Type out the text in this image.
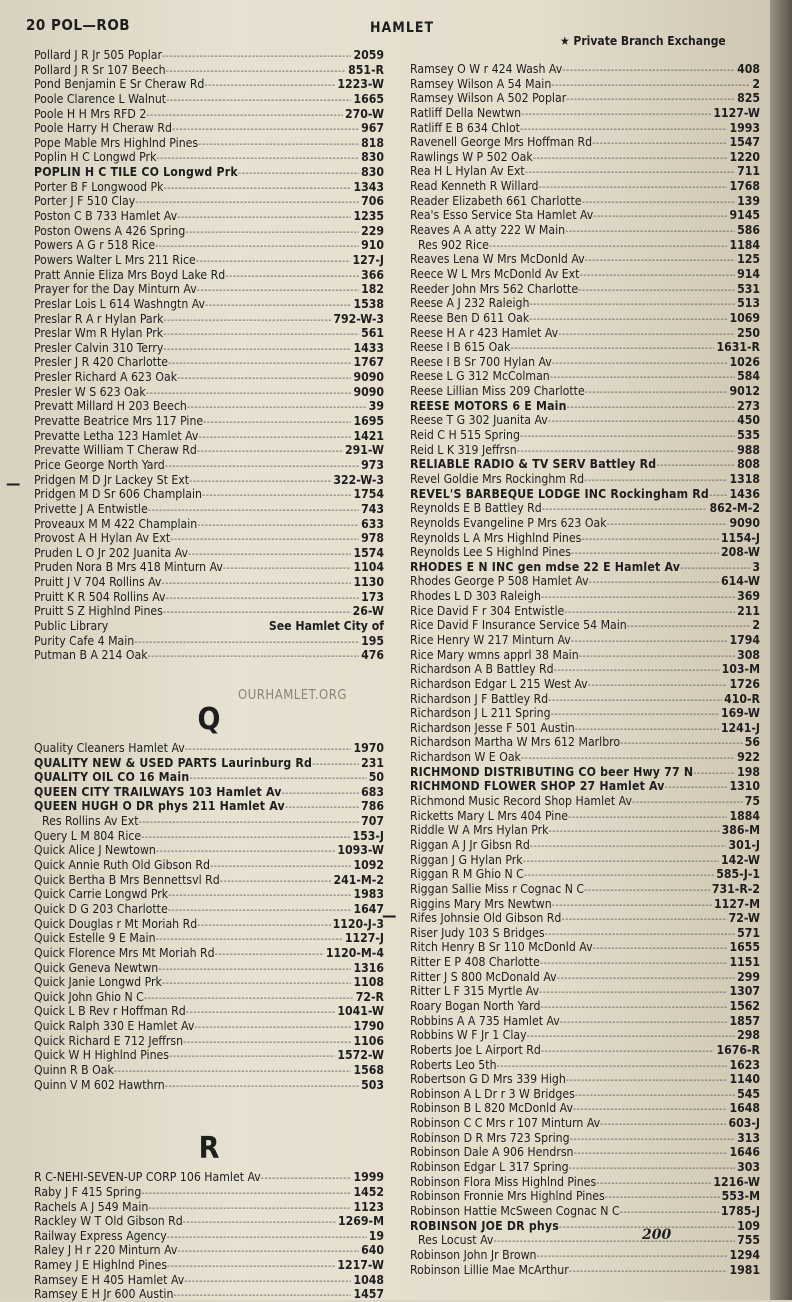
20 POL—ROB	HAMLET
★ Private Branch Exchange
OURHAMLET.ORG
—
—
200
Pollard J R Jr 505 Poplar -----	2059
Pollard J R Sr 107 Beech -----	851-R
Pond Benjamin E Sr Cheraw Rd -----	1223-W
Poole Clarence L Walnut -----	1665
Poole H H Mrs RFD 2 -----	270-W
Poole Harry H Cheraw Rd -----	967
Pope Mable Mrs Highlnd Pines -----	818
Poplin H C Longwd Prk -----	830
POPLIN H C TILE CO Longwd Prk -----	830
Porter B F Longwood Pk -----	1343
Porter J F 510 Clay -----	706
Poston C B 733 Hamlet Av -----	1235
Poston Owens A 426 Spring -----	229
Powers A G r 518 Rice -----	910
Powers Walter L Mrs 211 Rice -----	127-J
Pratt Annie Eliza Mrs Boyd Lake Rd -----	366
Prayer for the Day Minturn Av -----	182
Preslar Lois L 614 Washngtn Av -----	1538
Preslar R A r Hylan Park -----	792-W-3
Preslar Wm R Hylan Prk -----	561
Presler Calvin 310 Terry -----	1433
Presler J R 420 Charlotte -----	1767
Presler Richard A 623 Oak -----	9090
Presler W S 623 Oak -----	9090
Prevatt Millard H 203 Beech -----	39
Prevatte Beatrice Mrs 117 Pine -----	1695
Prevatte Letha 123 Hamlet Av -----	1421
Prevatte William T Cheraw Rd -----	291-W
Price George North Yard -----	973
Pridgen M D Jr Lackey St Ext -----	322-W-3
Pridgen M D Sr 606 Champlain -----	1754
Privette J A Entwistle -----	743
Proveaux M M 422 Champlain -----	633
Provost A H Hylan Av Ext -----	978
Pruden L O Jr 202 Juanita Av -----	1574
Pruden Nora B Mrs 418 Minturn Av -----	1104
Pruitt J V 704 Rollins Av -----	1130
Pruitt K R 504 Rollins Av -----	173
Pruitt S Z Highlnd Pines -----	26-W
Public Library	See Hamlet City of
Purity Cafe 4 Main -----	195
Putman B A 214 Oak -----	476
Q
Quality Cleaners Hamlet Av -----	1970
QUALITY NEW & USED PARTS Laurinburg Rd -----	231
QUALITY OIL CO 16 Main -----	50
QUEEN CITY TRAILWAYS 103 Hamlet Av -----	683
QUEEN HUGH O DR phys 211 Hamlet Av -----	786
Res Rollins Av Ext -----	707
Query L M 804 Rice -----	153-J
Quick Alice J Newtown -----	1093-W
Quick Annie Ruth Old Gibson Rd -----	1092
Quick Bertha B Mrs Bennettsvl Rd -----	241-M-2
Quick Carrie Longwd Prk -----	1983
Quick D G 203 Charlotte -----	1647
Quick Douglas r Mt Moriah Rd -----	1120-J-3
Quick Estelle 9 E Main -----	1127-J
Quick Florence Mrs Mt Moriah Rd -----	1120-M-4
Quick Geneva Newtwn -----	1316
Quick Janie Longwd Prk -----	1108
Quick John Ghio N C -----	72-R
Quick L B Rev r Hoffman Rd -----	1041-W
Quick Ralph 330 E Hamlet Av -----	1790
Quick Richard E 712 Jeffrsn -----	1106
Quick W H Highlnd Pines -----	1572-W
Quinn R B Oak -----	1568
Quinn V M 602 Hawthrn -----	503
R
R C-NEHI-SEVEN-UP CORP 106 Hamlet Av -----	1999
Raby J F 415 Spring -----	1452
Rachels A J 549 Main -----	1123
Rackley W T Old Gibson Rd -----	1269-M
Railway Express Agency -----	19
Raley J H r 220 Minturn Av -----	640
Ramey J E Highlnd Pines -----	1217-W
Ramsey E H 405 Hamlet Av -----	1048
Ramsey E H Jr 600 Austin -----	1457
Ramsey O W r 424 Wash Av -----	408
Ramsey Wilson A 54 Main -----	2
Ramsey Wilson A 502 Poplar -----	825
Ratliff Della Newtwn -----	1127-W
Ratliff E B 634 Chlot -----	1993
Ravenell George Mrs Hoffman Rd -----	1547
Rawlings W P 502 Oak -----	1220
Rea H L Hylan Av Ext -----	711
Read Kenneth R Willard -----	1768
Reader Elizabeth 661 Charlotte -----	139
Rea's Esso Service Sta Hamlet Av -----	9145
Reaves A A atty 222 W Main -----	586
Res 902 Rice -----	1184
Reaves Lena W Mrs McDonld Av -----	125
Reece W L Mrs McDonld Av Ext -----	914
Reeder John Mrs 562 Charlotte -----	531
Reese A J 232 Raleigh -----	513
Reese Ben D 611 Oak -----	1069
Reese H A r 423 Hamlet Av -----	250
Reese I B 615 Oak -----	1631-R
Reese I B Sr 700 Hylan Av -----	1026
Reese L G 312 McColman -----	584
Reese Lillian Miss 209 Charlotte -----	9012
REESE MOTORS 6 E Main -----	273
Reese T G 302 Juanita Av -----	450
Reid C H 515 Spring -----	535
Reid L K 319 Jeffrsn -----	988
RELIABLE RADIO & TV SERV Battley Rd -----	808
Revel Goldie Mrs Rockinghm Rd -----	1318
REVEL'S BARBEQUE LODGE INC Rockingham Rd ----- 1436
Reynolds E B Battley Rd -----	862-M-2
Reynolds Evangeline P Mrs 623 Oak -----	9090
Reynolds L A Mrs Highlnd Pines -----	1154-J
Reynolds Lee S Highlnd Pines -----	208-W
RHODES E N INC gen mdse 22 E Hamlet Av -----	3
Rhodes George P 508 Hamlet Av -----	614-W
Rhodes L D 303 Raleigh -----	369
Rice David F r 304 Entwistle -----	211
Rice David F Insurance Service 54 Main -----	2
Rice Henry W 217 Minturn Av -----	1794
Rice Mary wmns apprl 38 Main -----	308
Richardson A B Battley Rd -----	103-M
Richardson Edgar L 215 West Av -----	1726
Richardson J F Battley Rd -----	410-R
Richardson J L 211 Spring -----	169-W
Richardson Jesse F 501 Austin -----	1241-J
Richardson Martha W Mrs 612 Marlbro -----	56
Richardson W E Oak -----	922
RICHMOND DISTRIBUTING CO beer Hwy 77 N -----	198
RICHMOND FLOWER SHOP 27 Hamlet Av -----	1310
Richmond Music Record Shop Hamlet Av -----	75
Ricketts Mary L Mrs 404 Pine -----	1884
Riddle W A Mrs Hylan Prk -----	386-M
Riggan A J Jr Gibsn Rd -----	301-J
Riggan J G Hylan Prk -----	142-W
Riggan R M Ghio N C -----	585-J-1
Riggan Sallie Miss r Cognac N C -----	731-R-2
Riggins Mary Mrs Newtwn -----	1127-M
Rifes Johnsie Old Gibson Rd -----	72-W
Riser Judy 103 S Bridges -----	571
Ritch Henry B Sr 110 McDonld Av -----	1655
Ritter E P 408 Charlotte -----	1151
Ritter J S 800 McDonald Av -----	299
Ritter L F 315 Myrtle Av -----	1307
Roary Bogan North Yard -----	1562
Robbins A A 735 Hamlet Av -----	1857
Robbins W F Jr 1 Clay -----	298
Roberts Joe L Airport Rd -----	1676-R
Roberts Leo 5th -----	1623
Robertson G D Mrs 339 High -----	1140
Robinson A L Dr r 3 W Bridges -----	545
Robinson B L 820 McDonld Av -----	1648
Robinson C C Mrs r 107 Minturn Av -----	603-J
Robinson D R Mrs 723 Spring -----	313
Robinson Dale A 906 Hendrsn -----	1646
Robinson Edgar L 317 Spring -----	303
Robinson Flora Miss Highlnd Pines -----	1216-W
Robinson Fronnie Mrs Highlnd Pines -----	553-M
Robinson Hattie McSween Cognac N C -----	1785-J
ROBINSON JOE DR phys -----	109
Res Locust Av -----	755
Robinson John Jr Brown -----	1294
Robinson Lillie Mae McArthur -----	1981
